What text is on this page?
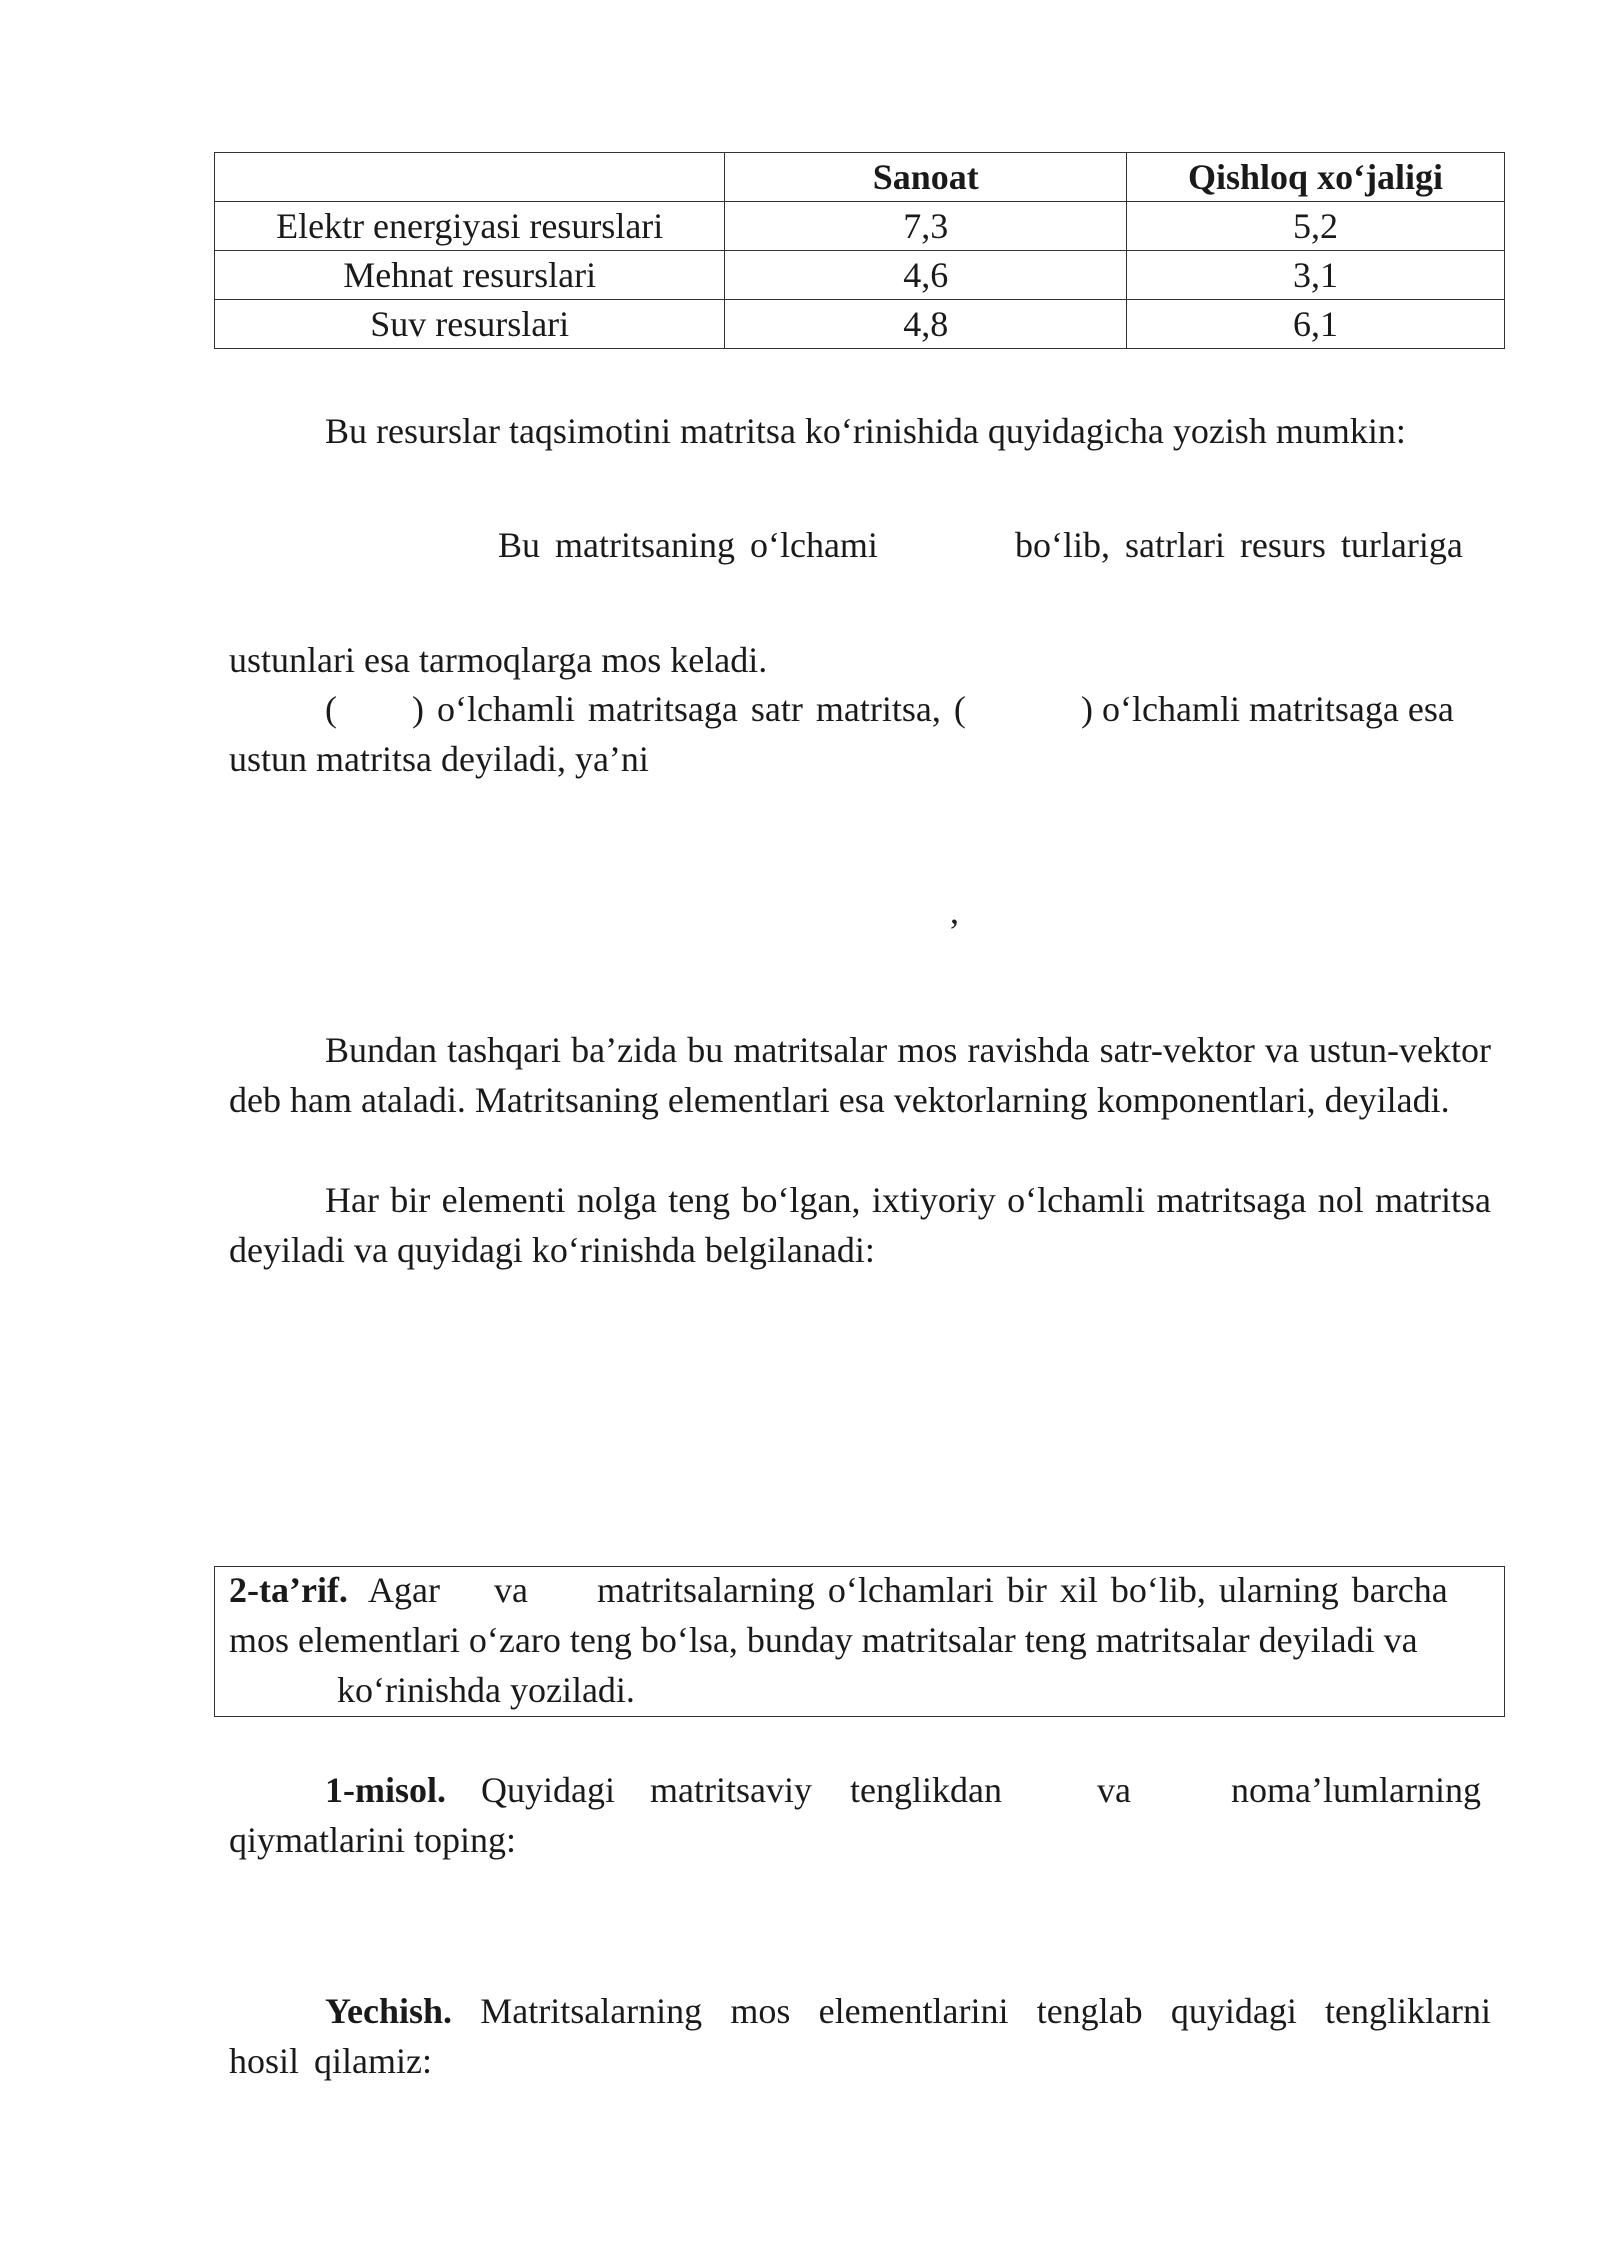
	Sanoat	Qishloq xo‘jaligi
Elektr energiyasi resurslari	7,3	5,2
Mehnat resurslari	4,6	3,1
Suv resurslari	4,8	6,1
Bu resurslar taqsimotini matritsa ko‘rinishida quyidagicha yozish mumkin:
Bu matritsaning o‘lchami	bo‘lib, satrlari resurs turlariga
ustunlari esa tarmoqlarga mos keladi.
( ) o‘lchamli matritsaga satr matritsa, (	) o‘lchamli matritsaga esa
ustun matritsa deyiladi, ya’ni
,
Bundan tashqari ba’zida bu matritsalar mos ravishda satr-vektor va ustun-vektor deb ham ataladi. Matritsaning elementlari esa vektorlarning komponentlari, deyiladi.
Har bir elementi nolga teng bo‘lgan, ixtiyoriy o‘lchamli matritsaga nol matritsa deyiladi va quyidagi ko‘rinishda belgilanadi:
2-ta’rif. Agar va matritsalarning o‘lchamlari bir xil bo‘lib, ularning barcha
mos elementlari o‘zaro teng bo‘lsa, bunday matritsalar teng matritsalar deyiladi va
ko‘rinishda yoziladi.
1-misol. Quyidagi matritsaviy tenglikdan	va	noma’lumlarning
qiymatlarini toping:
Yechish. Matritsalarning mos elementlarini tenglab quyidagi tengliklarni hosil qilamiz:
